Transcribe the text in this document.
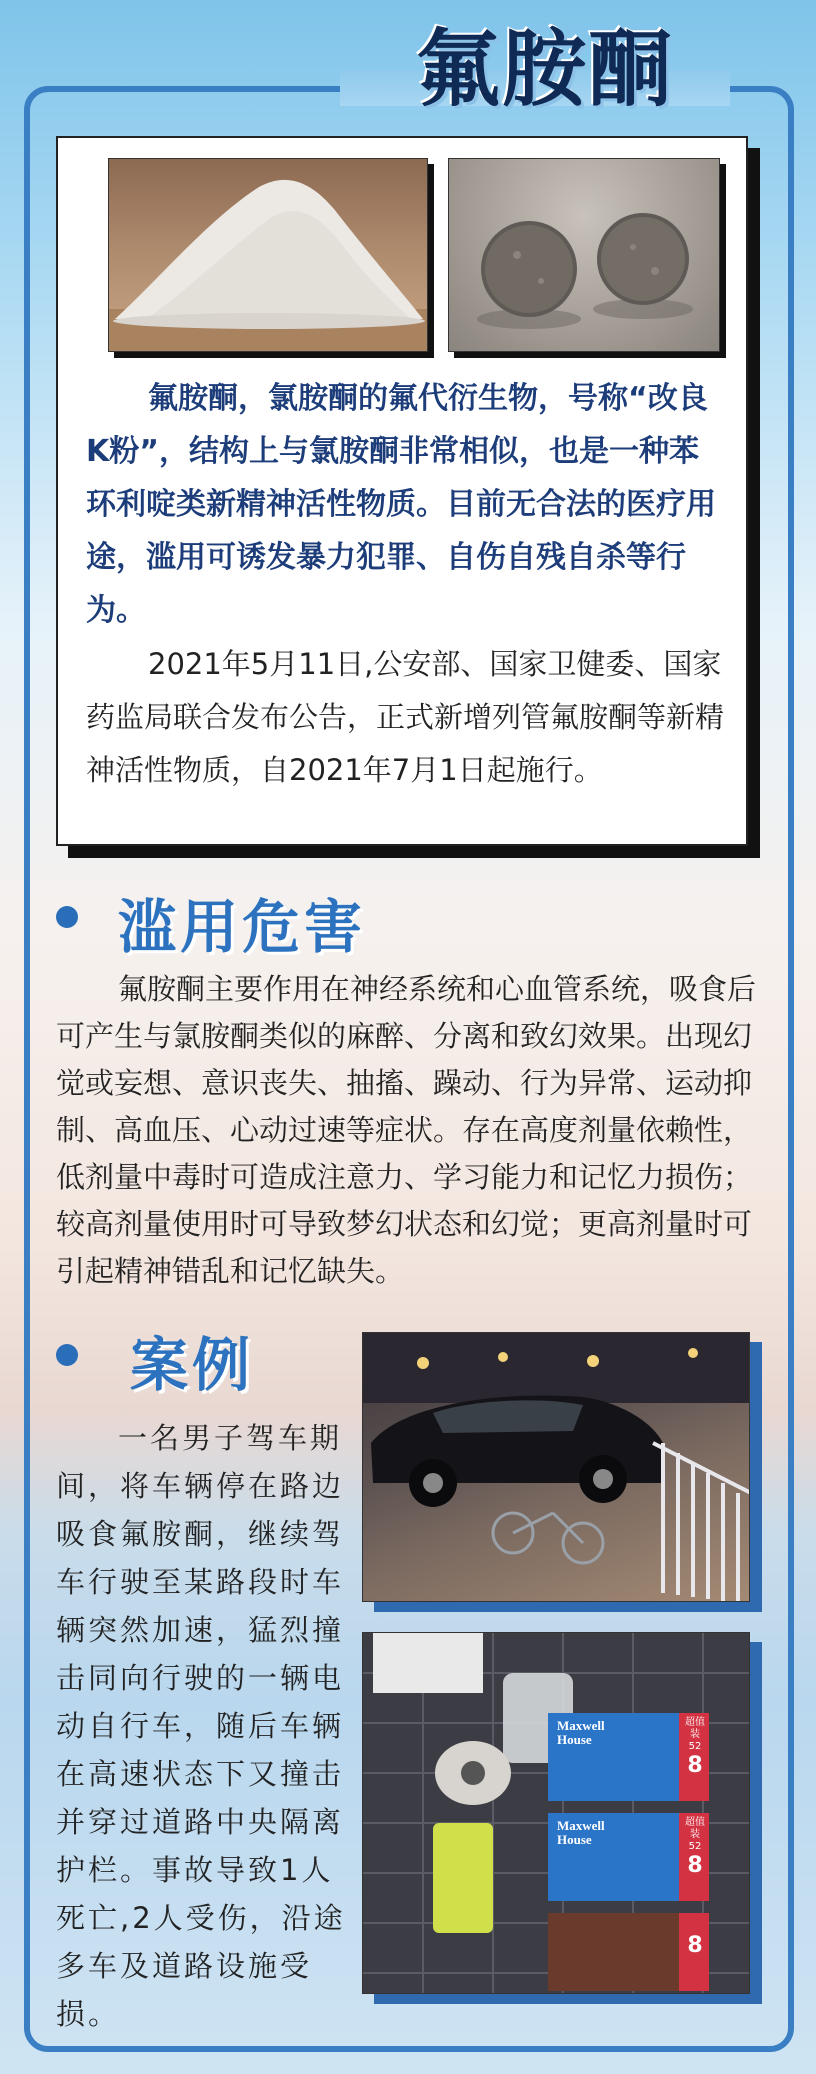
氟胺酮

氟胺酮，氯胺酮的氟代衍生物，号称“改良K粉”，结构上与氯胺酮非常相似，也是一种苯环利啶类新精神活性物质。目前无合法的医疗用途，滥用可诱发暴力犯罪、自伤自残自杀等行为。

2021年5月11日,公安部、国家卫健委、国家药监局联合发布公告，正式新增列管氟胺酮等新精神活性物质，自2021年7月1日起施行。

滥用危害

氟胺酮主要作用在神经系统和心血管系统，吸食后可产生与氯胺酮类似的麻醉、分离和致幻效果。出现幻觉或妄想、意识丧失、抽搐、躁动、行为异常、运动抑制、高血压、心动过速等症状。存在高度剂量依赖性，低剂量中毒时可造成注意力、学习能力和记忆力损伤；较高剂量使用时可导致梦幻状态和幻觉；更高剂量时可引起精神错乱和记忆缺失。

案例

一名男子驾车期间，将车辆停在路边吸食氟胺酮，继续驾车行驶至某路段时车辆突然加速，猛烈撞击同向行驶的一辆电动自行车，随后车辆在高速状态下又撞击并穿过道路中央隔离护栏。事故导致1人死亡,2人受伤，沿途多车及道路设施受损。

Maxwell
House
Maxwell
House
超值装
52
8
超值装
52
8
8
